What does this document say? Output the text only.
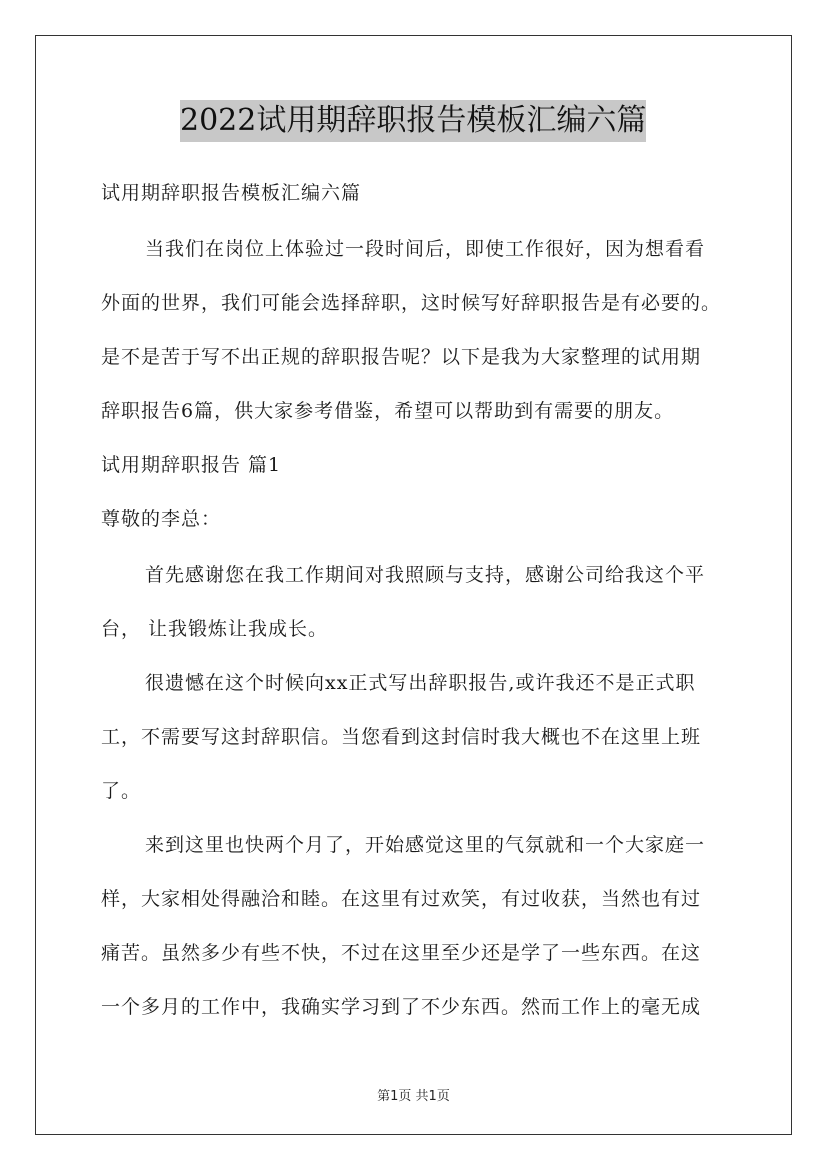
2022试用期辞职报告模板汇编六篇
试用期辞职报告模板汇编六篇
当我们在岗位上体验过一段时间后，即使工作很好，因为想看看
外面的世界，我们可能会选择辞职，这时候写好辞职报告是有必要的。
是不是苦于写不出正规的辞职报告呢？以下是我为大家整理的试用期
辞职报告6篇，供大家参考借鉴，希望可以帮助到有需要的朋友。
试用期辞职报告 篇1
尊敬的李总：
首先感谢您在我工作期间对我照顾与支持，感谢公司给我这个平
台， 让我锻炼让我成长。
很遗憾在这个时候向xx正式写出辞职报告,或许我还不是正式职
工，不需要写这封辞职信。当您看到这封信时我大概也不在这里上班
了。
来到这里也快两个月了，开始感觉这里的气氛就和一个大家庭一
样，大家相处得融洽和睦。在这里有过欢笑，有过收获，当然也有过
痛苦。虽然多少有些不快，不过在这里至少还是学了一些东西。在这
一个多月的工作中，我确实学习到了不少东西。然而工作上的毫无成
第1页 共1页
